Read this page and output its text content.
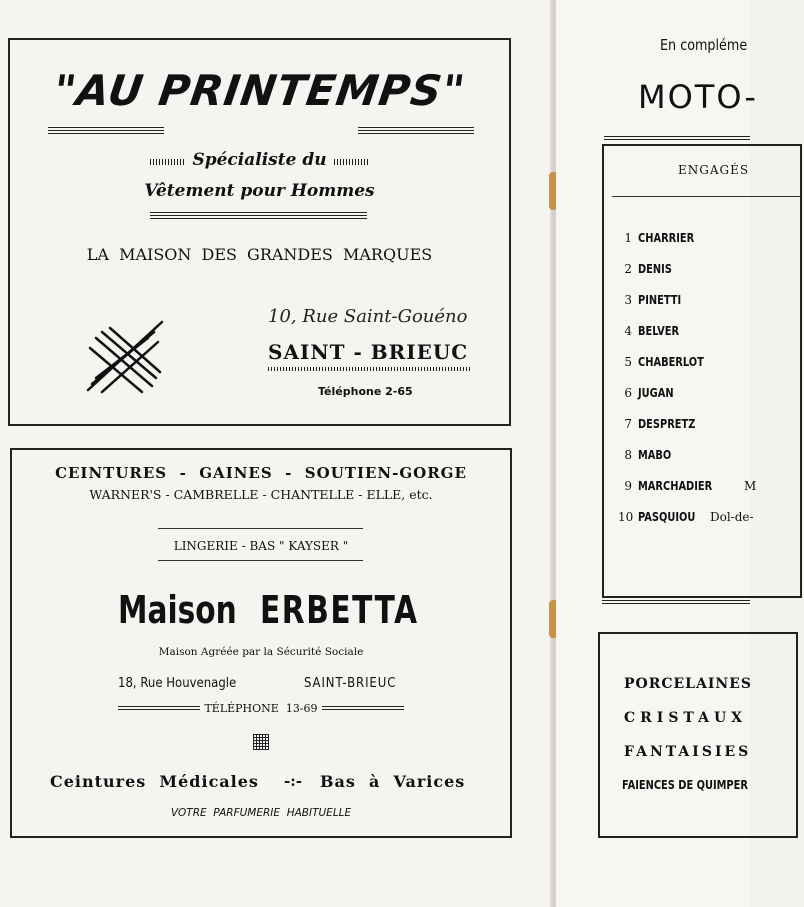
"AU PRINTEMPS"
Spécialiste du
Vêtement pour Hommes
LA MAISON DES GRANDES MARQUES
10, Rue Saint-Gouéno
SAINT - BRIEUC
Téléphone 2-65
CEINTURES  -  GAINES  -  SOUTIEN-GORGE
WARNER'S - CAMBRELLE - CHANTELLE - ELLE, etc.
LINGERIE - BAS " KAYSER "
Maison ERBETTA
Maison Agréée par la Sécurité Sociale
18, Rue Houvenagle	SAINT-BRIEUC
TÉLÉPHONE  13-69
Ceintures  Médicales -:- Bas  à  Varices
VOTRE  PARFUMERIE  HABITUELLE
En compléme
MOTO-
ENGAGÉS
1 CHARRIER
2 DENIS
3 PINETTI
4 BELVER
5 CHABERLOT
6 JUGAN
7 DESPRETZ
8 MABO
9 MARCHADIER	M
10 PASQUIOU Dol-de-
PORCELAINES
CRISTAUX
FANTAISIES
FAIENCES DE QUIMPER
